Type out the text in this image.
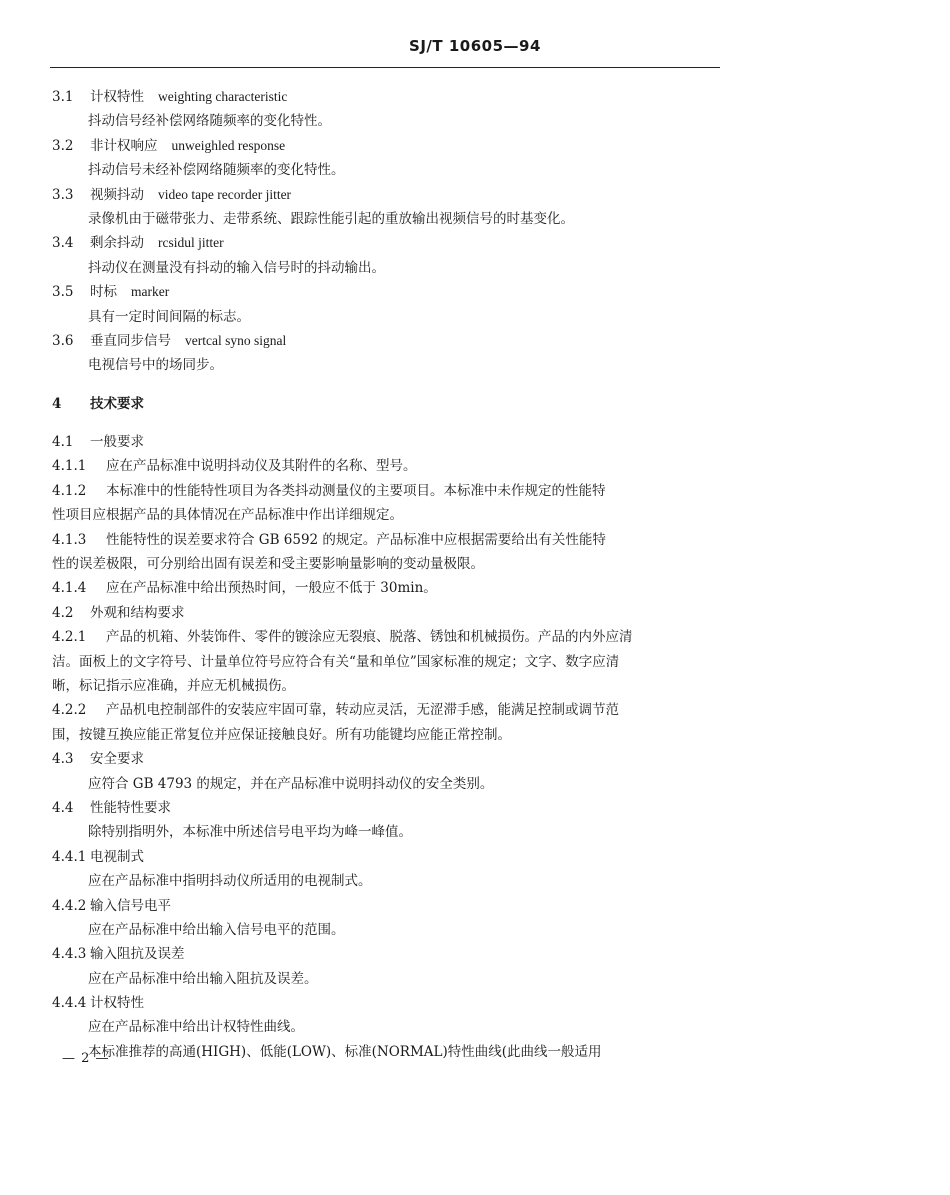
SJ/T 10605—94
3.1 计权特性 weighting characteristic
抖动信号经补偿网络随频率的变化特性。
3.2 非计权响应 unweighled response
抖动信号未经补偿网络随频率的变化特性。
3.3 视频抖动 video tape recorder jitter
录像机由于磁带张力、走带系统、跟踪性能引起的重放输出视频信号的时基变化。
3.4 剩余抖动 rcsidul jitter
抖动仪在测量没有抖动的输入信号时的抖动输出。
3.5 时标 marker
具有一定时间间隔的标志。
3.6 垂直同步信号 vertcal syno signal
电视信号中的场同步。
4 技术要求
4.1 一般要求
4.1.1 应在产品标准中说明抖动仪及其附件的名称、型号。
4.1.2 本标准中的性能特性项目为各类抖动测量仪的主要项目。本标准中未作规定的性能特
性项目应根据产品的具体情况在产品标准中作出详细规定。
4.1.3 性能特性的误差要求符合 GB 6592 的规定。产品标准中应根据需要给出有关性能特
性的误差极限，可分别给出固有误差和受主要影响量影响的变动量极限。
4.1.4 应在产品标准中给出预热时间，一般应不低于 30min。
4.2 外观和结构要求
4.2.1 产品的机箱、外装饰件、零件的镀涂应无裂痕、脱落、锈蚀和机械损伤。产品的内外应清
洁。面板上的文字符号、计量单位符号应符合有关“量和单位”国家标准的规定；文字、数字应清
晰，标记指示应准确，并应无机械损伤。
4.2.2 产品机电控制部件的安装应牢固可靠，转动应灵活，无涩滞手感，能满足控制或调节范
围，按键互换应能正常复位并应保证接触良好。所有功能键均应能正常控制。
4.3 安全要求
应符合 GB 4793 的规定，并在产品标准中说明抖动仪的安全类别。
4.4 性能特性要求
除特别指明外，本标准中所述信号电平均为峰一峰值。
4.4.1 电视制式
应在产品标准中指明抖动仪所适用的电视制式。
4.4.2 输入信号电平
应在产品标准中给出输入信号电平的范围。
4.4.3 输入阻抗及误差
应在产品标准中给出输入阻抗及误差。
4.4.4 计权特性
应在产品标准中给出计权特性曲线。
本标准推荐的高通(HIGH)、低能(LOW)、标准(NORMAL)特性曲线(此曲线一般适用
— 2 —
